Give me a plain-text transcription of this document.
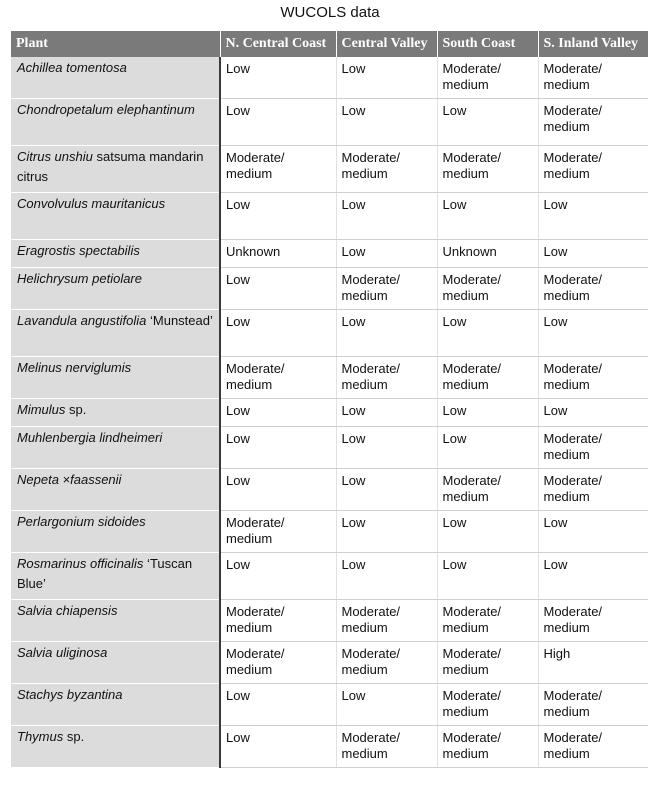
WUCOLS data
Plant	N. Central Coast	Central Valley	South Coast	S. Inland Valley
Achillea tomentosa	Low	Low	Moderate/ medium	Moderate/ medium
Chondropetalum elephantinum	Low	Low	Low	Moderate/ medium
Citrus unshiu satsuma mandarin citrus	Moderate/ medium	Moderate/ medium	Moderate/ medium	Moderate/ medium
Convolvulus mauritanicus	Low	Low	Low	Low
Eragrostis spectabilis	Unknown	Low	Unknown	Low
Helichrysum petiolare	Low	Moderate/ medium	Moderate/ medium	Moderate/ medium
Lavandula angustifolia ‘Munstead’	Low	Low	Low	Low
Melinus nerviglumis	Moderate/ medium	Moderate/ medium	Moderate/ medium	Moderate/ medium
Mimulus sp.	Low	Low	Low	Low
Muhlenbergia lindheimeri	Low	Low	Low	Moderate/ medium
Nepeta ×faassenii	Low	Low	Moderate/ medium	Moderate/ medium
Perlargonium sidoides	Moderate/ medium	Low	Low	Low
Rosmarinus officinalis ‘Tuscan Blue’	Low	Low	Low	Low
Salvia chiapensis	Moderate/ medium	Moderate/ medium	Moderate/ medium	Moderate/ medium
Salvia uliginosa	Moderate/ medium	Moderate/ medium	Moderate/ medium	High
Stachys byzantina	Low	Low	Moderate/ medium	Moderate/ medium
Thymus sp.	Low	Moderate/ medium	Moderate/ medium	Moderate/ medium
